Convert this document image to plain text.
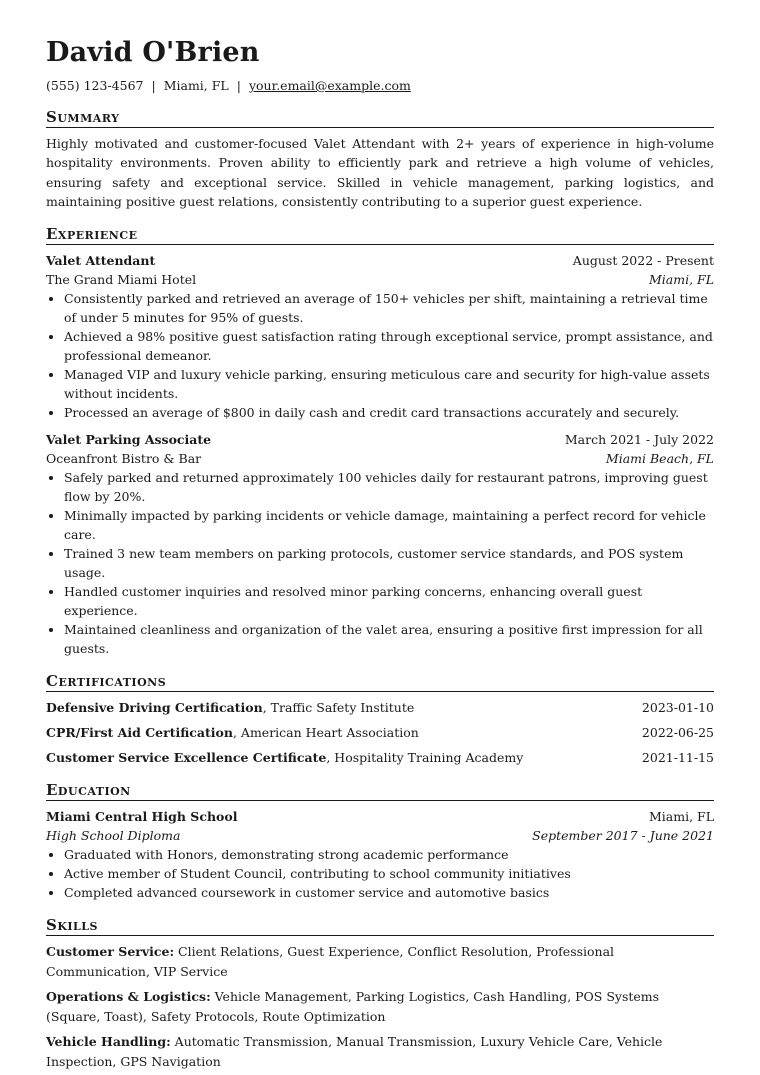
David O'Brien
(555) 123-4567 | Miami, FL | your.email@example.com
Summary
Highly motivated and customer-focused Valet Attendant with 2+ years of experience in high-volume hospitality environments. Proven ability to efficiently park and retrieve a high volume of vehicles, ensuring safety and exceptional service. Skilled in vehicle management, parking logistics, and maintaining positive guest relations, consistently contributing to a superior guest experience.
Experience
Valet Attendant	August 2022 - Present
The Grand Miami Hotel	Miami, FL
• Consistently parked and retrieved an average of 150+ vehicles per shift, maintaining a retrieval time of under 5 minutes for 95% of guests.
• Achieved a 98% positive guest satisfaction rating through exceptional service, prompt assistance, and professional demeanor.
• Managed VIP and luxury vehicle parking, ensuring meticulous care and security for high-value assets without incidents.
• Processed an average of $800 in daily cash and credit card transactions accurately and securely.
Valet Parking Associate	March 2021 - July 2022
Oceanfront Bistro & Bar	Miami Beach, FL
• Safely parked and returned approximately 100 vehicles daily for restaurant patrons, improving guest flow by 20%.
• Minimally impacted by parking incidents or vehicle damage, maintaining a perfect record for vehicle care.
• Trained 3 new team members on parking protocols, customer service standards, and POS system usage.
• Handled customer inquiries and resolved minor parking concerns, enhancing overall guest experience.
• Maintained cleanliness and organization of the valet area, ensuring a positive first impression for all guests.
Certifications
Defensive Driving Certification, Traffic Safety Institute	2023-01-10
CPR/First Aid Certification, American Heart Association	2022-06-25
Customer Service Excellence Certificate, Hospitality Training Academy	2021-11-15
Education
Miami Central High School	Miami, FL
High School Diploma	September 2017 - June 2021
• Graduated with Honors, demonstrating strong academic performance
• Active member of Student Council, contributing to school community initiatives
• Completed advanced coursework in customer service and automotive basics
Skills
Customer Service: Client Relations, Guest Experience, Conflict Resolution, Professional Communication, VIP Service
Operations & Logistics: Vehicle Management, Parking Logistics, Cash Handling, POS Systems (Square, Toast), Safety Protocols, Route Optimization
Vehicle Handling: Automatic Transmission, Manual Transmission, Luxury Vehicle Care, Vehicle Inspection, GPS Navigation
